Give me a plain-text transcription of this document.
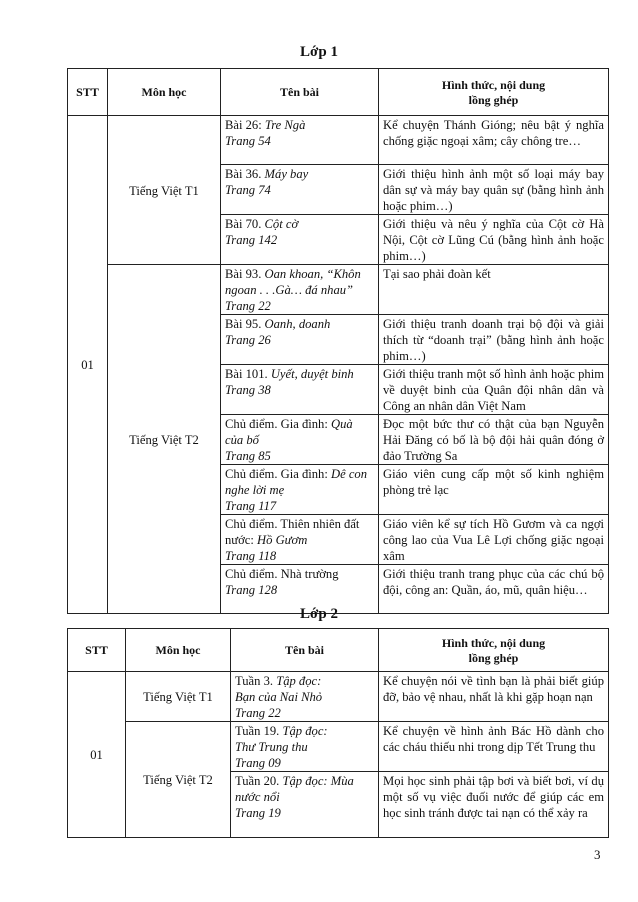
Lớp 1
STT	Môn học	Tên bài	Hình thức, nội dung
lồng ghép

01	Tiếng Việt T1	Bài 26: Tre Ngà
Trang 54	Kể chuyện Thánh Gióng; nêu bật ý nghĩa chống giặc ngoại xâm; cây chông tre…
		Bài 36. Máy bay
Trang 74	Giới thiệu hình ảnh một số loại máy bay dân sự và máy bay quân sự (bằng hình ảnh hoặc phim…)
		Bài 70. Cột cờ
Trang 142	Giới thiệu và nêu ý nghĩa của Cột cờ Hà Nội, Cột cờ Lũng Cú (bằng hình ảnh hoặc phim…)
	Tiếng Việt T2	Bài 93. Oan khoan, “Khôn ngoan . . .Gà… đá nhau”
Trang 22	Tại sao phải đoàn kết
		Bài 95. Oanh, doanh
Trang 26	Giới thiệu tranh doanh trại bộ đội và giải thích từ “doanh trại” (bằng hình ảnh hoặc phim…)
		Bài 101. Uyết, duyệt binh
Trang 38	Giới thiệu tranh một số hình ảnh hoặc phim về duyệt binh của Quân đội nhân dân và Công an nhân dân Việt Nam
		Chủ điểm. Gia đình: Quà của bố
Trang 85	Đọc một bức thư có thật của bạn Nguyễn Hải Đăng có bố là bộ đội hải quân đóng ở đảo Trường Sa
		Chủ điểm. Gia đình: Dê con nghe lời mẹ
Trang 117	Giáo viên cung cấp một số kinh nghiệm phòng trẻ lạc
		Chủ điểm. Thiên nhiên đất nước: Hồ Gươm
Trang 118	Giáo viên kể sự tích Hồ Gươm và ca ngợi công lao của Vua Lê Lợi chống giặc ngoại xâm
		Chủ điểm. Nhà trường
Trang 128	Giới thiệu tranh trang phục của các chú bộ đội, công an: Quần, áo, mũ, quân hiệu…
Lớp 2
STT	Môn học	Tên bài	Hình thức, nội dung
lồng ghép

01	Tiếng Việt T1	Tuần 3. Tập đọc:
Bạn của Nai Nhỏ
Trang 22	Kể chuyện nói về tình bạn là phải biết giúp đỡ, bảo vệ nhau, nhất là khi gặp hoạn nạn
	Tiếng Việt T2	Tuần 19. Tập đọc:
Thư Trung thu
Trang 09	Kể chuyện về hình ảnh Bác Hồ dành cho các cháu thiếu nhi trong dịp Tết Trung thu
		Tuần 20. Tập đọc: Mùa nước nổi
Trang 19	Mọi học sinh phải tập bơi và biết bơi, ví dụ một số vụ việc đuối nước để giúp các em học sinh tránh được tai nạn có thể xảy ra
3
